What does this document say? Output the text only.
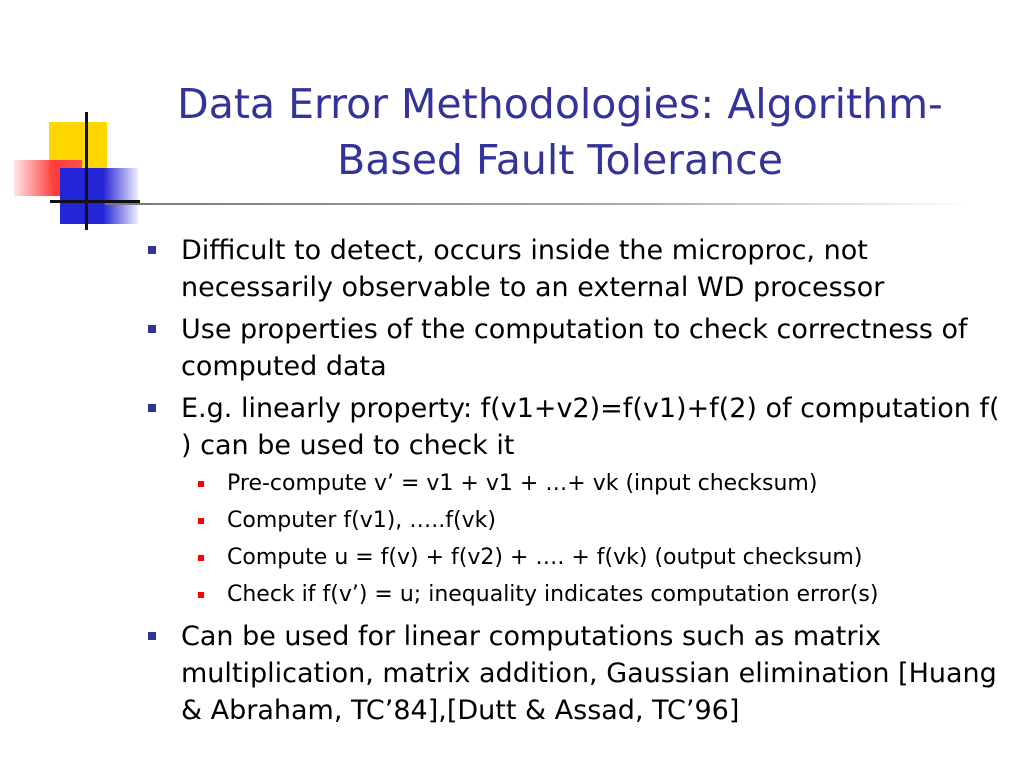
Data Error Methodologies: Algorithm-Based Fault Tolerance
Difficult to detect, occurs inside the microproc, not necessarily observable to an external WD processor
Use properties of the computation to check correctness of computed data
E.g. linearly property: f(v1+v2)=f(v1)+f(2) of computation f( ) can be used to check it
Pre-compute v’ = v1 + v1 + …+ vk (input checksum)
Computer f(v1), …..f(vk)
Compute u = f(v) + f(v2) + …. + f(vk) (output checksum)
Check if f(v’) = u; inequality indicates computation error(s)
Can be used for linear computations such as matrix multiplication, matrix addition, Gaussian elimination [Huang & Abraham, TC’84],[Dutt & Assad, TC’96]
